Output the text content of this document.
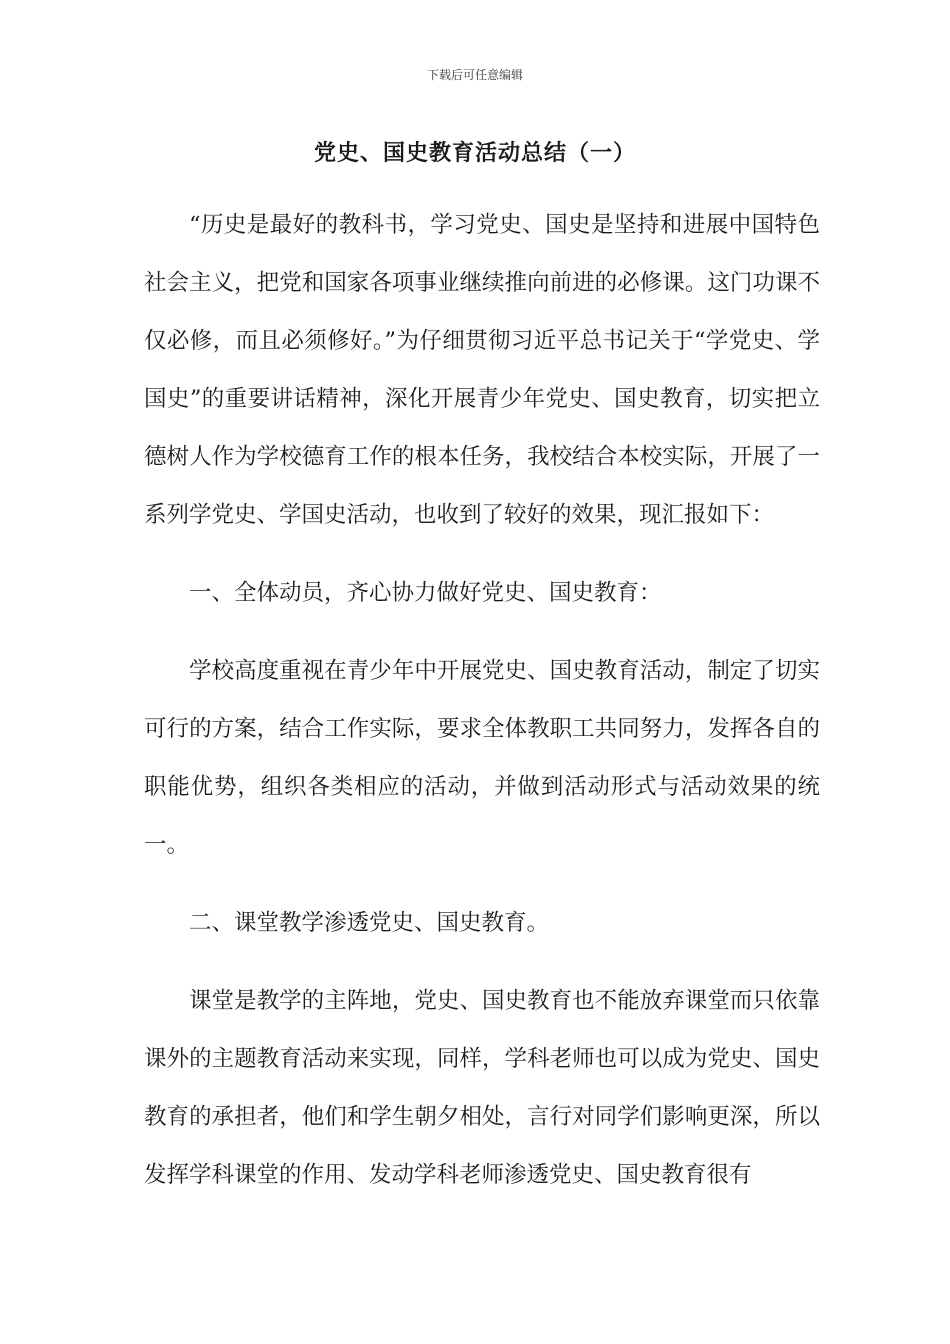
下载后可任意编辑
党史、国史教育活动总结（一）

“历史是最好的教科书，学习党史、国史是坚持和进展中国特色社会主义，把党和国家各项事业继续推向前进的必修课。这门功课不仅必修，而且必须修好。”为仔细贯彻习近平总书记关于“学党史、学国史”的重要讲话精神，深化开展青少年党史、国史教育，切实把立德树人作为学校德育工作的根本任务，我校结合本校实际，开展了一系列学党史、学国史活动，也收到了较好的效果，现汇报如下：

一、全体动员，齐心协力做好党史、国史教育：

学校高度重视在青少年中开展党史、国史教育活动，制定了切实可行的方案，结合工作实际，要求全体教职工共同努力，发挥各自的职能优势，组织各类相应的活动，并做到活动形式与活动效果的统一。

二、课堂教学渗透党史、国史教育。

课堂是教学的主阵地，党史、国史教育也不能放弃课堂而只依靠课外的主题教育活动来实现，同样，学科老师也可以成为党史、国史教育的承担者，他们和学生朝夕相处，言行对同学们影响更深，所以发挥学科课堂的作用、发动学科老师渗透党史、国史教育很有
